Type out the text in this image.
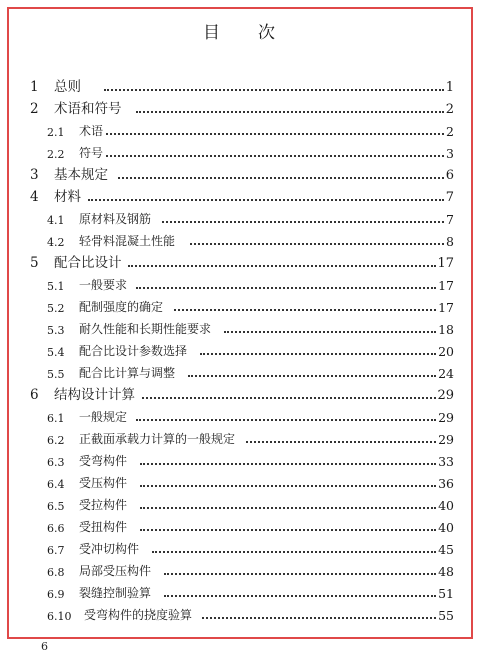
目 次
1 总则	1
2 术语和符号	2
2.1 术语	2
2.2 符号	3
3 基本规定	6
4 材料	7
4.1 原材料及钢筋	7
4.2 轻骨料混凝土性能	8
5 配合比设计	17
5.1 一般要求	17
5.2 配制强度的确定	17
5.3 耐久性能和长期性能要求	18
5.4 配合比设计参数选择	20
5.5 配合比计算与调整	24
6 结构设计计算	29
6.1 一般规定	29
6.2 正截面承载力计算的一般规定	29
6.3 受弯构件	33
6.4 受压构件	36
6.5 受拉构件	40
6.6 受扭构件	40
6.7 受冲切构件	45
6.8 局部受压构件	48
6.9 裂缝控制验算	51
6.10 受弯构件的挠度验算	55
6
